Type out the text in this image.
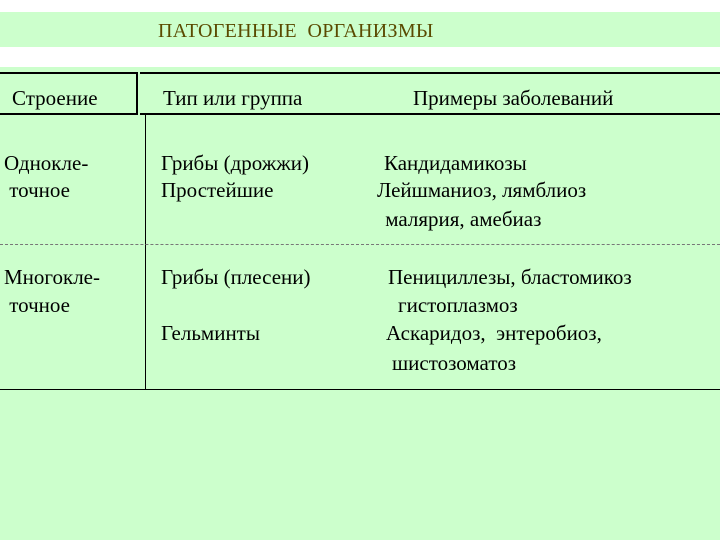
ПАТОГЕННЫЕ  ОРГАНИЗМЫ
Строение	Тип или группа	Примеры заболеваний
Однокле-
точное
Грибы (дрожжи)
Простейшие
Кандидамикозы
Лейшманиоз, лямблиоз
малярия, амебиаз
Многокле-
точное
Грибы (плесени)
Гельминты
Пенициллезы, бластомикоз
гистоплазмоз
Аскаридоз,  энтеробиоз,
шистозоматоз
